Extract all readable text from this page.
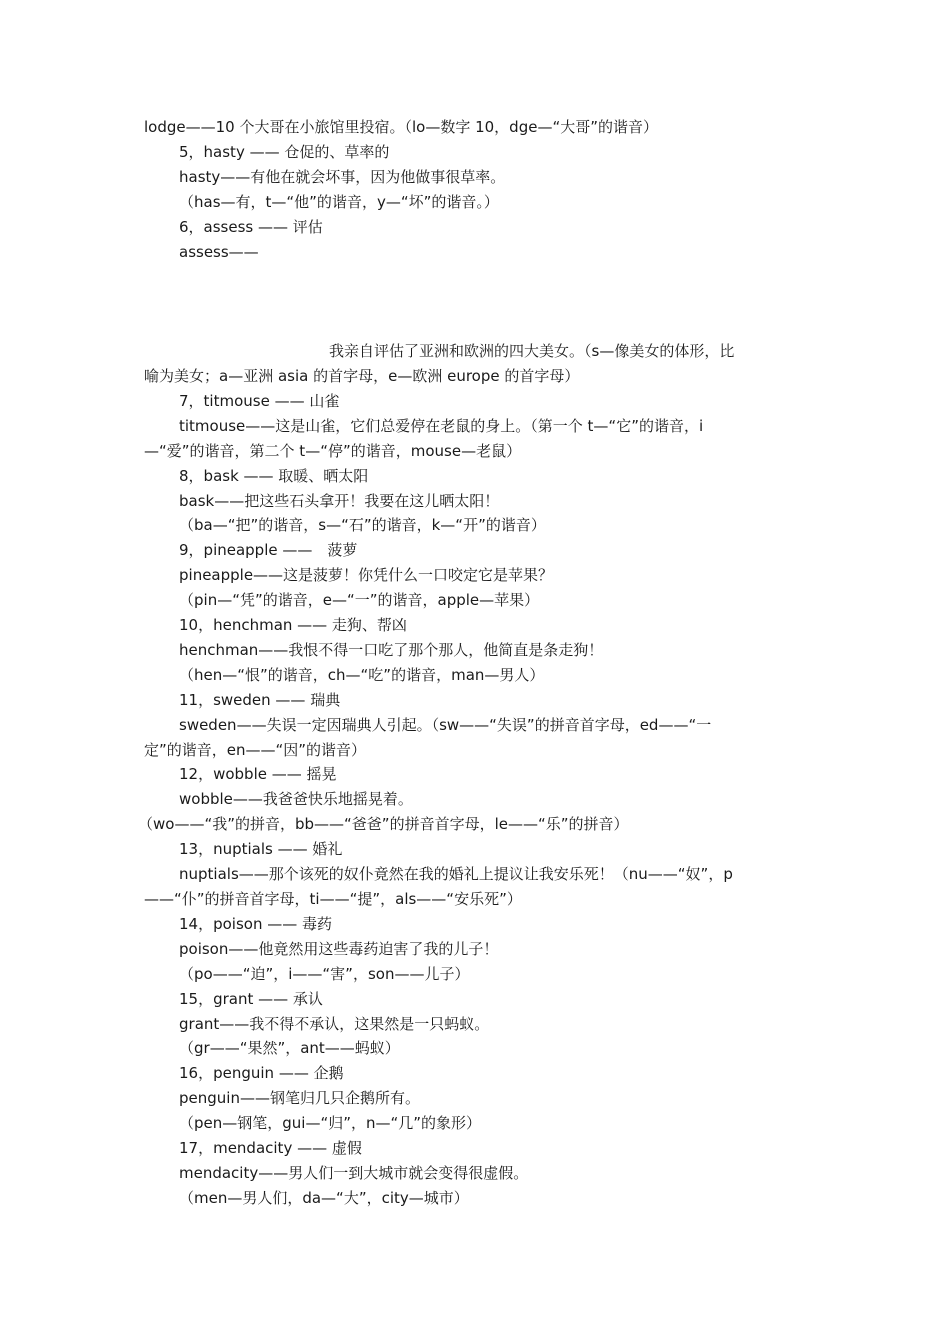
lodge——10 个大哥在小旅馆里投宿。（lo—数字 10，dge—“大哥”的谐音）
5，hasty —— 仓促的、草率的
hasty——有他在就会坏事，因为他做事很草率。
（has—有，t—“他”的谐音，y—“坏”的谐音。）
6，assess —— 评估
assess——
我亲自评估了亚洲和欧洲的四大美女。（s—像美女的体形，比
喻为美女；a—亚洲 asia 的首字母，e—欧洲 europe 的首字母）
7，titmouse —— 山雀
titmouse——这是山雀，它们总爱停在老鼠的身上。（第一个 t—“它”的谐音，i
—“爱”的谐音，第二个 t—“停”的谐音，mouse—老鼠）
8，bask —— 取暖、晒太阳
bask——把这些石头拿开！我要在这儿晒太阳！
（ba—“把”的谐音，s—“石”的谐音，k—“开”的谐音）
9，pineapple ——　菠萝
pineapple——这是菠萝！你凭什么一口咬定它是苹果？
（pin—“凭”的谐音，e—“一”的谐音，apple—苹果）
10，henchman —— 走狗、帮凶
henchman——我恨不得一口吃了那个那人，他简直是条走狗！
（hen—“恨”的谐音，ch—“吃”的谐音，man—男人）
11，sweden —— 瑞典
sweden——失误一定因瑞典人引起。（sw——“失误”的拼音首字母，ed——“一
定”的谐音，en——“因”的谐音）
12，wobble —— 摇晃
wobble——我爸爸快乐地摇晃着。
（wo——“我”的拼音，bb——“爸爸”的拼音首字母，le——“乐”的拼音）
13，nuptials —— 婚礼
nuptials——那个该死的奴仆竟然在我的婚礼上提议让我安乐死！（nu——“奴”，p
——“仆”的拼音首字母，ti——“提”，als——“安乐死”）
14，poison —— 毒药
poison——他竟然用这些毒药迫害了我的儿子！
（po——“迫”，i——“害”，son——儿子）
15，grant —— 承认
grant——我不得不承认，这果然是一只蚂蚁。
（gr——“果然”，ant——蚂蚁）
16，penguin —— 企鹅
penguin——钢笔归几只企鹅所有。
（pen—钢笔，gui—“归”，n—“几”的象形）
17，mendacity —— 虚假
mendacity——男人们一到大城市就会变得很虚假。
（men—男人们，da—“大”，city—城市）
